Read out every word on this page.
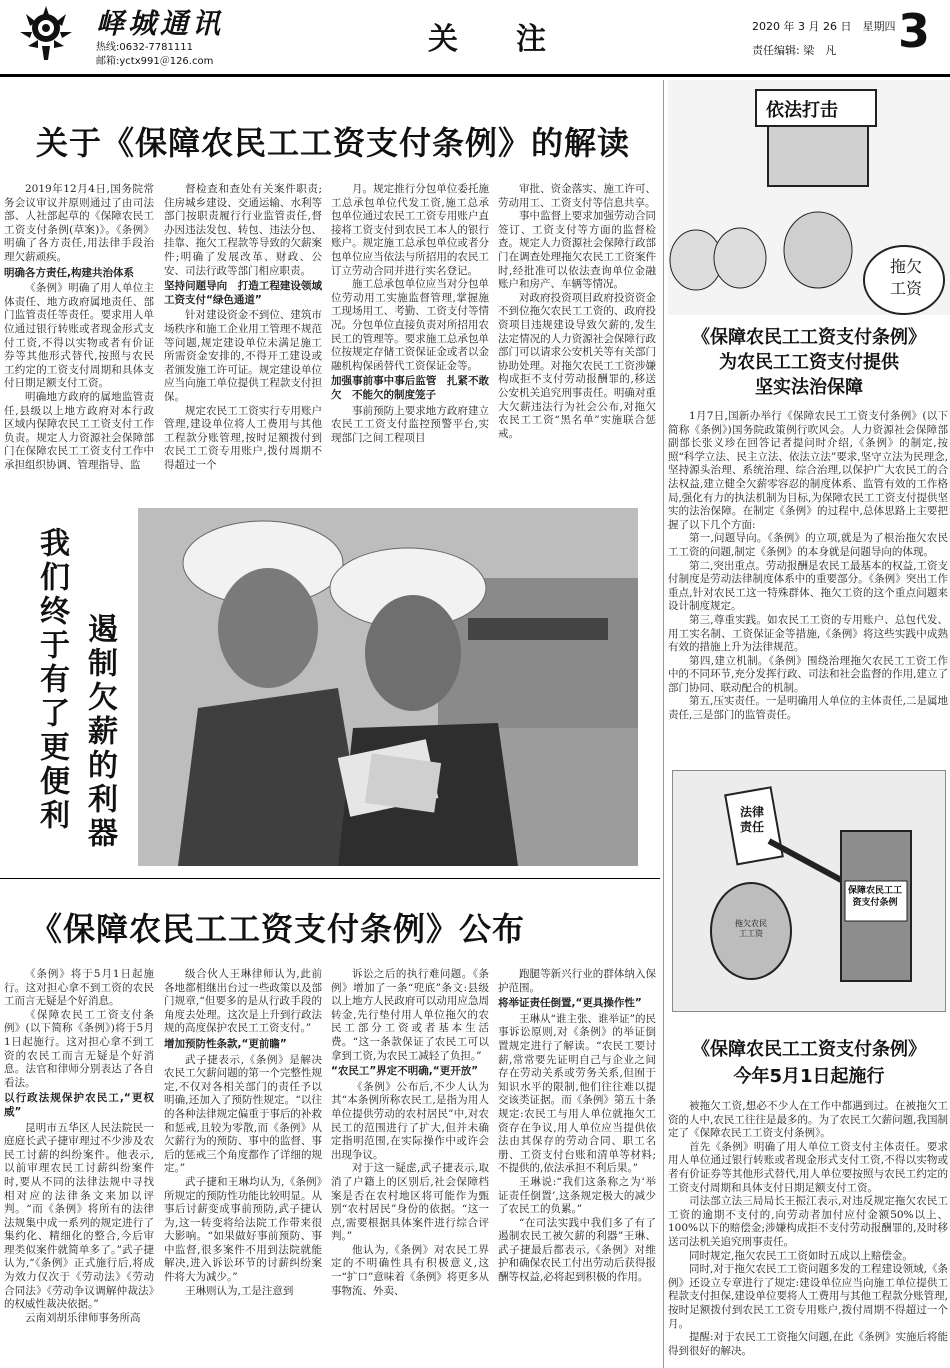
峄城通讯
热线:0632-7781111
邮箱:yctx991＠126.com
关　注	2020 年 3 月 26 日　星期四
责任编辑: 梁　凡 3
关于《保障农民工工资支付条例》的解读

2019年12月4日,国务院常务会议审议并原则通过了由司法部、人社部起草的《保障农民工工资支付条例(草案)》。《条例》明确了各方责任,用法律手段治理欠薪顽疾。

明确各方责任,构建共治体系

《条例》明确了用人单位主体责任、地方政府属地责任、部门监管责任等责任。要求用人单位通过银行转账或者现金形式支付工资,不得以实物或者有价证券等其他形式替代,按照与农民工约定的工资支付周期和具体支付日期足额支付工资。

明确地方政府的属地监管责任,县级以上地方政府对本行政区域内保障农民工工资支付工作负责。规定人力资源社会保障部门在保障农民工工资支付工作中承担组织协调、管理指导、监

督检查和查处有关案件职责;住房城乡建设、交通运输、水利等部门按职责履行行业监管责任,督办因违法发包、转包、违法分包、挂靠、拖欠工程款等导致的欠薪案件;明确了发展改革、财政、公安、司法行政等部门相应职责。

坚持问题导向　打造工程建设领域工资支付“绿色通道”

针对建设资金不到位、建筑市场秩序和施工企业用工管理不规范等问题,规定建设单位未满足施工所需资金安排的,不得开工建设或者颁发施工许可证。规定建设单位应当向施工单位提供工程款支付担保。

规定农民工工资实行专用账户管理,建设单位将人工费用与其他工程款分账管理,按时足额拨付到农民工工资专用账户,拨付周期不得超过一个

月。规定推行分包单位委托施工总承包单位代发工资,施工总承包单位通过农民工工资专用账户直接将工资支付到农民工本人的银行账户。规定施工总承包单位或者分包单位应当依法与所招用的农民工订立劳动合同并进行实名登记。

施工总承包单位应当对分包单位劳动用工实施监督管理,掌握施工现场用工、考勤、工资支付等情况。分包单位直接负责对所招用农民工的管理等。要求施工总承包单位按规定存储工资保证金或者以金融机构保函替代工资保证金等。

加强事前事中事后监管　扎紧不敢欠　不能欠的制度笼子

事前预防上要求地方政府建立农民工工资支付监控预警平台,实现部门之间工程项目

审批、资金落实、施工许可、劳动用工、工资支付等信息共享。

事中监督上要求加强劳动合同签订、工资支付等方面的监督检查。规定人力资源社会保障行政部门在调查处理拖欠农民工工资案件时,经批准可以依法查询单位金融账户和房产、车辆等情况。

对政府投资项目政府投资资金不到位拖欠农民工工资的、政府投资项目违规建设导致欠薪的,发生法定情况的人力资源社会保障行政部门可以请求公安机关等有关部门协助处理。对拖欠农民工工资涉嫌构成拒不支付劳动报酬罪的,移送公安机关追究刑事责任。明确对重大欠薪违法行为社会公布,对拖欠农民工工资“黑名单”实施联合惩戒。

我们终于有了更便利 遏制欠薪的利器
依法打击
拖欠工资
《保障农民工工资支付条例》
为农民工工资支付提供
坚实法治保障

1月7日,国新办举行《保障农民工工资支付条例》(以下简称《条例》)国务院政策例行吹风会。人力资源社会保障部副部长张义珍在回答记者提问时介绍,《条例》的制定,按照“科学立法、民主立法、依法立法”要求,坚守立法为民理念,坚持源头治理、系统治理、综合治理,以保护广大农民工的合法权益,建立健全欠薪零容忍的制度体系、监管有效的工作格局,强化有力的执法机制为目标,为保障农民工工资支付提供坚实的法治保障。在制定《条例》的过程中,总体思路上主要把握了以下几个方面:

第一,问题导向。《条例》的立项,就是为了根治拖欠农民工工资的问题,制定《条例》的本身就是问题导向的体现。

第二,突出重点。劳动报酬是农民工最基本的权益,工资支付制度是劳动法律制度体系中的重要部分。《条例》突出工作重点,针对农民工这一特殊群体、拖欠工资的这个重点问题来设计制度规定。

第三,尊重实践。如农民工工资的专用账户、总包代发、用工实名制、工资保证金等措施,《条例》将这些实践中成熟有效的措施上升为法律规范。

第四,建立机制。《条例》围绕治理拖欠农民工工资工作中的不同环节,充分发挥行政、司法和社会监督的作用,建立了部门协同、联动配合的机制。

第五,压实责任。一是明确用人单位的主体责任,二是属地责任,三是部门的监管责任。

法律责任
保障农民工工资支付条例
拖欠农民工工资
《保障农民工工资支付条例》
今年5月1日起施行

被拖欠工资,想必不少人在工作中都遇到过。在被拖欠工资的人中,农民工往往是最多的。为了农民工欠薪问题,我国制定了《保障农民工工资支付条例》。

首先《条例》明确了用人单位工资支付主体责任。要求用人单位通过银行转账或者现金形式支付工资,不得以实物或者有价证券等其他形式替代,用人单位要按照与农民工约定的工资支付周期和具体支付日期足额支付工资。

司法部立法三局局长王振江表示,对违反规定拖欠农民工工资的逾期不支付的,向劳动者加付应付金额50%以上、100%以下的赔偿金;涉嫌构成拒不支付劳动报酬罪的,及时移送司法机关追究刑事责任。

同时规定,拖欠农民工工资如时五成以上赔偿金。

同时,对于拖欠农民工工资问题多发的工程建设领域,《条例》还设立专章进行了规定:建设单位应当向施工单位提供工程款支付担保,建设单位要将人工费用与其他工程款分账管理,按时足额拨付到农民工工资专用账户,拨付周期不得超过一个月。

提醒:对于农民工工资拖欠问题,在此《条例》实施后将能得到很好的解决。

《保障农民工工资支付条例》公布

《条例》将于5月1日起施行。这对担心拿不到工资的农民工而言无疑是个好消息。

《保障农民工工资支付条例》(以下简称《条例》)将于5月1日起施行。这对担心拿不到工资的农民工而言无疑是个好消息。法官和律师分别表达了各自看法。

以行政法规保护农民工,“更权威”

昆明市五华区人民法院民一庭庭长武子捷审理过不少涉及农民工讨薪的纠纷案件。他表示,以前审理农民工讨薪纠纷案件时,要从不同的法律法规中寻找相对应的法律条文来加以评判。“而《条例》将所有的法律法规集中成一系列的规定进行了集约化、精细化的整合,今后审理类似案件就简单多了。”武子捷认为,“《条例》正式施行后,将成为效力仅次于《劳动法》《劳动合同法》《劳动争议调解仲裁法》的权威性裁决依据。”

云南刘胡乐律师事务所高

级合伙人王琳律师认为,此前各地都相继出台过一些政策以及部门规章,“但要多的是从行政手段的角度去处理。这次是上升到行政法规的高度保护农民工工资支付。”

增加预防性条款,“更前瞻”

武子捷表示,《条例》是解决农民工欠薪问题的第一个完整性规定,不仅对各相关部门的责任予以明确,还加入了预防性规定。“以往的各种法律规定偏重于事后的补救和惩戒,且较为零散,而《条例》从欠薪行为的预防、事中的监督、事后的惩戒三个角度都作了详细的规定。”

武子捷和王琳均认为,《条例》所规定的预防性功能比较明显。从事后讨薪变成事前预防,武子捷认为,这一转变将给法院工作带来很大影响。“如果做好事前预防、事中监督,很多案件不用到法院就能解决,进入诉讼环节的讨薪纠纷案件将大为减少。”

王琳则认为,工是注意到

诉讼之后的执行难问题。《条例》增加了一条“兜底”条文:县级以上地方人民政府可以动用应急周转金,先行垫付用人单位拖欠的农民工部分工资或者基本生活费。“这一条款保证了农民工可以拿到工资,为农民工减轻了负担。”

“农民工”界定不明确,“更开放”

《条例》公布后,不少人认为其“本条例所称农民工,是指为用人单位提供劳动的农村居民”中,对农民工的范围进行了扩大,但并未确定指明范围,在实际操作中或许会出现争议。

对于这一疑虑,武子捷表示,取消了户籍上的区别后,社会保障档案是否在农村地区将可能作为甄别“农村居民”身份的依据。“这一点,需要根据具体案件进行综合评判。”

他认为,《条例》对农民工界定的不明确性具有积极意义,这一“扩口”意味着《条例》将更多从事物流、外卖、

跑腿等新兴行业的群体纳入保护范围。

将举证责任倒置,“更具操作性”

王琳从“谁主张、谁举证”的民事诉讼原则,对《条例》的举证倒置规定进行了解读。“农民工要讨薪,常常要先证明自己与企业之间存在劳动关系或劳务关系,但囿于知识水平的限制,他们往往难以提交该类证据。而《条例》第五十条规定:农民工与用人单位就拖欠工资存在争议,用人单位应当提供依法由其保存的劳动合同、职工名册、工资支付台账和清单等材料;不提供的,依法承担不利后果。”

王琳说:“我们这条称之为‘举证责任倒置’,这条规定极大的减少了农民工的负累。”

“在司法实践中我们多了有了遏制农民工被欠薪的利器”王琳、武子捷最后都表示,《条例》对维护和确保农民工付出劳动后获得报酬等权益,必将起到积极的作用。
